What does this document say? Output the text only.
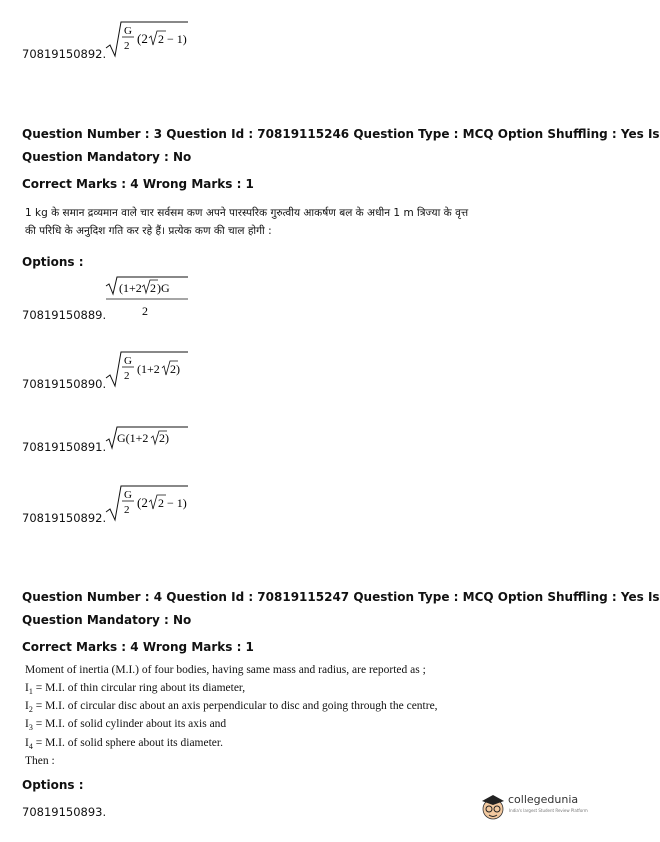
70819150892.
G
2 (2 2 − 1)
Question Number : 3 Question Id : 70819115246 Question Type : MCQ Option Shuffling : Yes Is
Question Mandatory : No
Correct Marks : 4 Wrong Marks : 1
1 kg के समान द्रव्यमान वाले चार सर्वसम कण अपने पारस्परिक गुरुत्वीय आकर्षण बल के अधीन 1 m त्रिज्या के वृत्त
की परिधि के अनुदिश गति कर रहे हैं। प्रत्येक कण की चाल होगी :
Options :
70819150889.
(1+2 2 )G
2
70819150890.
G
2 (1+2 2)
70819150891.
G(1+2 2)
70819150892.
G
2 (2 2 − 1)
Question Number : 4 Question Id : 70819115247 Question Type : MCQ Option Shuffling : Yes Is
Question Mandatory : No
Correct Marks : 4 Wrong Marks : 1
Moment of inertia (M.I.) of four bodies, having same mass and radius, are reported as ;
$I_1 = M.I$. of thin circular ring about its diameter,
$I_2 = M.I$. of circular disc about an axis perpendicular to disc and going through the centre,
$I_3 = M.I$. of solid cylinder about its axis and
$I_4 = M.I$. of solid sphere about its diameter.
Then :
Options :
70819150893.
collegedunia
India's largest Student Review Platform
